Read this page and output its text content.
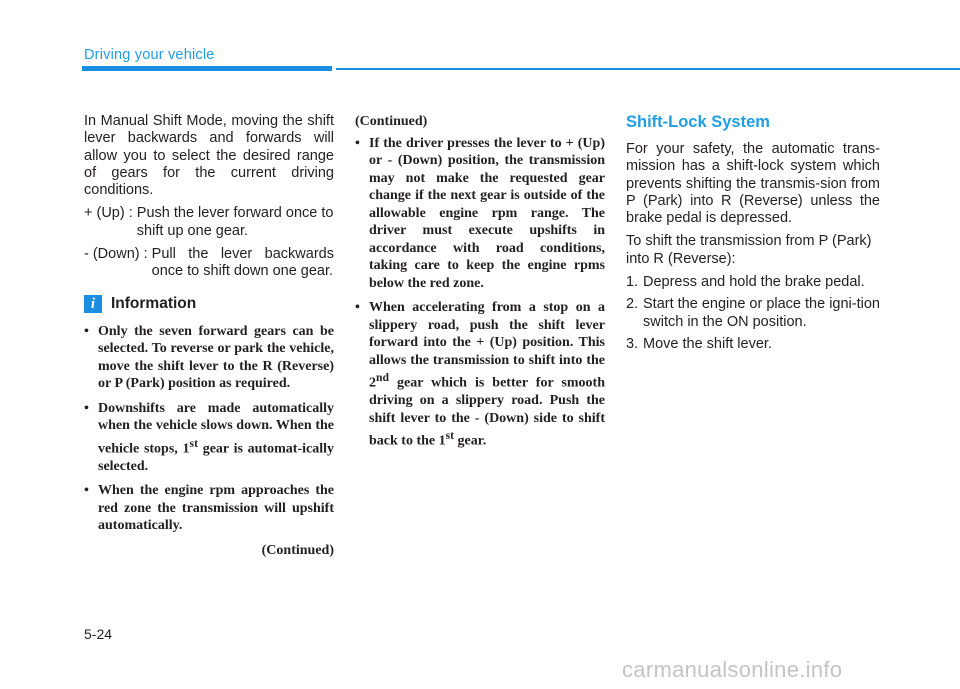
Driving your vehicle

In Manual Shift Mode, moving the shift lever backwards and forwards will allow you to select the desired range of gears for the current driving conditions.

+ (Up) : Push the lever forward once to shift up one gear.
- (Down) : Pull the lever backwards once to shift down one gear.
i	Information
• Only the seven forward gears can be selected. To reverse or park the vehicle, move the shift lever to the R (Reverse) or P (Park) position as required.
• Downshifts are made automatically when the vehicle slows down. When the vehicle stops, 1st gear is automat-ically selected.
• When the engine rpm approaches the red zone the transmission will upshift automatically.
(Continued)
(Continued)
• If the driver presses the lever to + (Up) or - (Down) position, the transmission may not make the requested gear change if the next gear is outside of the allowable engine rpm range. The driver must execute upshifts in accordance with road conditions, taking care to keep the engine rpms below the red zone.
• When accelerating from a stop on a slippery road, push the shift lever forward into the + (Up) position. This allows the transmission to shift into the 2nd gear which is better for smooth driving on a slippery road. Push the shift lever to the - (Down) side to shift back to the 1st gear.
Shift-Lock System

For your safety, the automatic trans-mission has a shift-lock system which prevents shifting the transmis-sion from P (Park) into R (Reverse) unless the brake pedal is depressed.

To shift the transmission from P (Park) into R (Reverse):

1. Depress and hold the brake pedal.
2. Start the engine or place the igni-tion switch in the ON position.
3. Move the shift lever.
5-24
carmanualsonline.info
